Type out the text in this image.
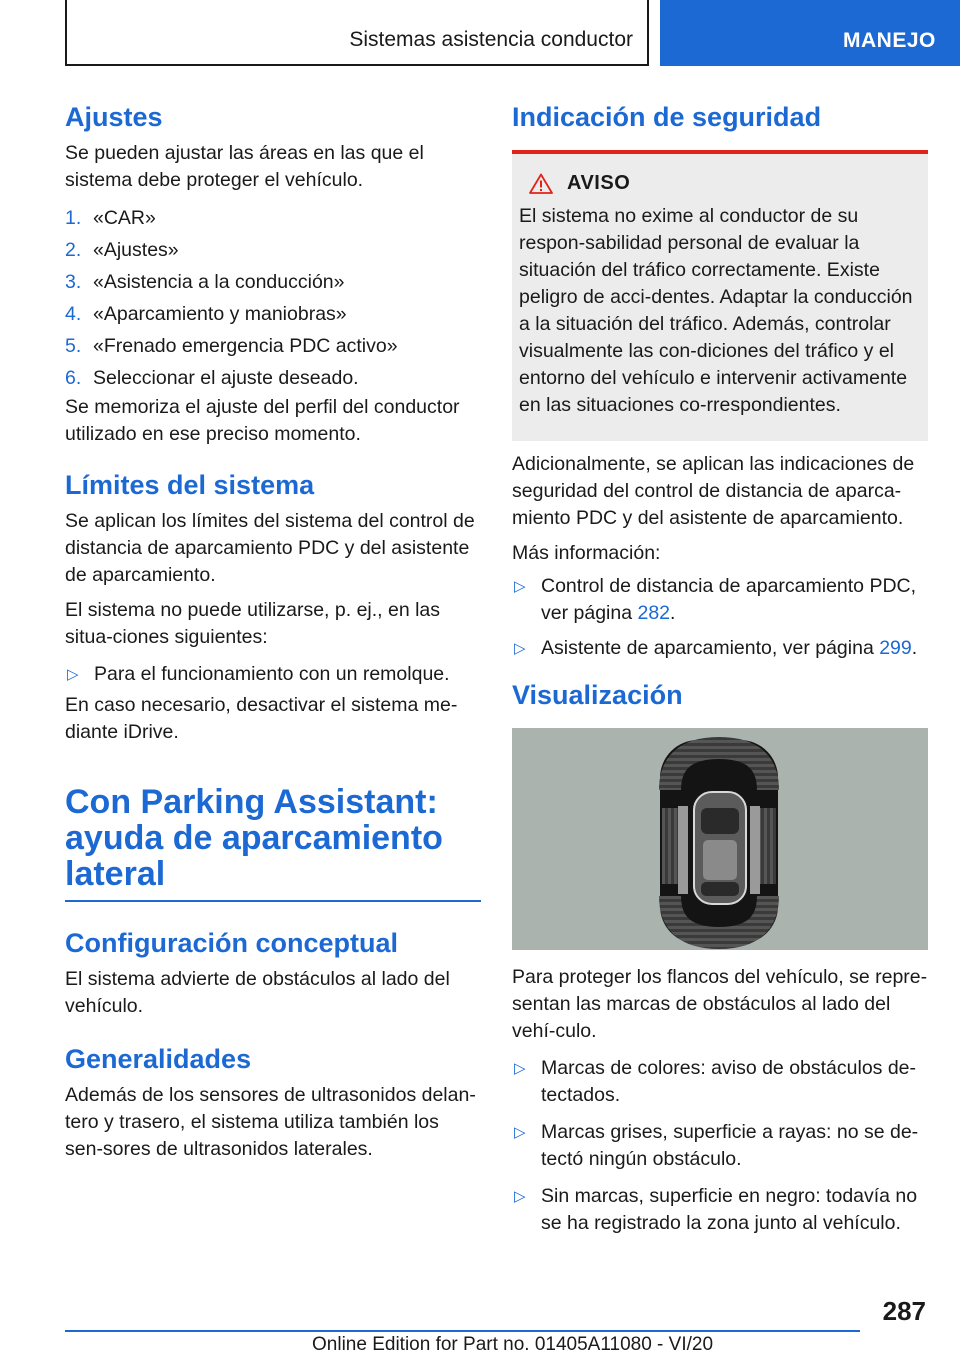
Sistemas asistencia conductor	MANEJO
Ajustes

Se pueden ajustar las áreas en las que el sistema debe proteger el vehículo.

1. «CAR»
2. «Ajustes»
3. «Asistencia a la conducción»
4. «Aparcamiento y maniobras»
5. «Frenado emergencia PDC activo»
6. Seleccionar el ajuste deseado.

Se memoriza el ajuste del perfil del conductor utilizado en ese preciso momento.

Límites del sistema

Se aplican los límites del sistema del control de distancia de aparcamiento PDC y del asistente de aparcamiento.

El sistema no puede utilizarse, p. ej., en las situa‐ciones siguientes:

▷ Para el funcionamiento con un remolque.

En caso necesario, desactivar el sistema me‐diante iDrive.

Con Parking Assistant: ayuda de aparcamiento lateral
Configuración conceptual

El sistema advierte de obstáculos al lado del vehículo.

Generalidades

Además de los sensores de ultrasonidos delan‐tero y trasero, el sistema utiliza también los sen‐sores de ultrasonidos laterales.

Indicación de seguridad
AVISO

El sistema no exime al conductor de su respon‐sabilidad personal de evaluar la situación del tráfico correctamente. Existe peligro de acci‐dentes. Adaptar la conducción a la situación del tráfico. Además, controlar visualmente las con‐diciones del tráfico y el entorno del vehículo e intervenir activamente en las situaciones co‐rrespondientes.

Adicionalmente, se aplican las indicaciones de seguridad del control de distancia de aparca‐miento PDC y del asistente de aparcamiento.

Más información:

▷ Control de distancia de aparcamiento PDC, ver página 282.
▷ Asistente de aparcamiento, ver página 299.
Visualización

Para proteger los flancos del vehículo, se repre‐sentan las marcas de obstáculos al lado del vehí‐culo.

▷ Marcas de colores: aviso de obstáculos de‐tectados.
▷ Marcas grises, superficie a rayas: no se de‐tectó ningún obstáculo.
▷ Sin marcas, superficie en negro: todavía no se ha registrado la zona junto al vehículo.
287
Online Edition for Part no. 01405A11080 - VI/20
